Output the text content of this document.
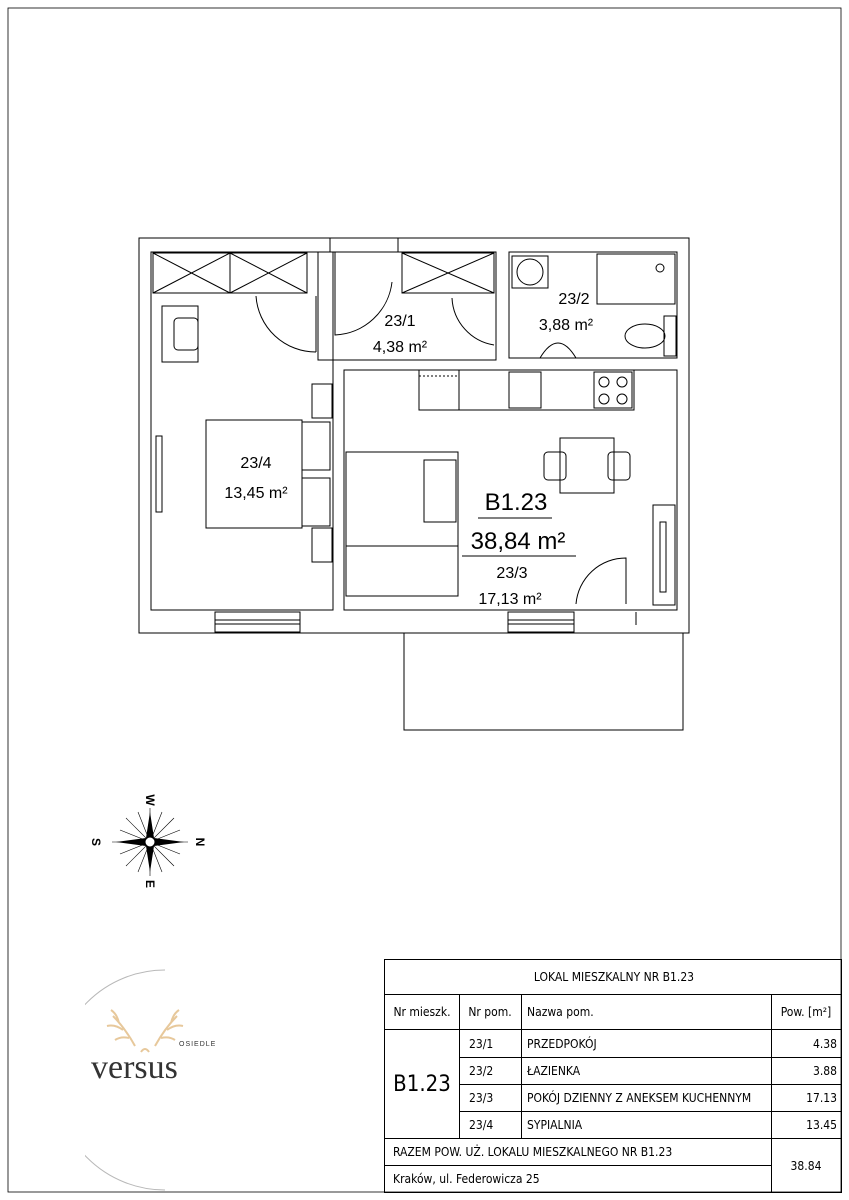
23/1
4,38 m²
23/2
3,88 m²
23/4
13,45 m²	B1.23
38,84 m²
23/3
17,13 m²
W
E
S	N
OSIEDLE
versus
LOKAL MIESZKALNY NR B1.23
Nr mieszk.	Nr pom.	Nazwa pom.	Pow. [m²]
B1.23
23/1	PRZEDPOKÓJ	4.38
23/2	ŁAZIENKA	3.88
23/3	POKÓJ DZIENNY Z ANEKSEM KUCHENNYM	17.13
23/4	SYPIALNIA	13.45
RAZEM POW. UŻ. LOKALU MIESZKALNEGO NR B1.23
Kraków, ul. Federowicza 25
38.84
